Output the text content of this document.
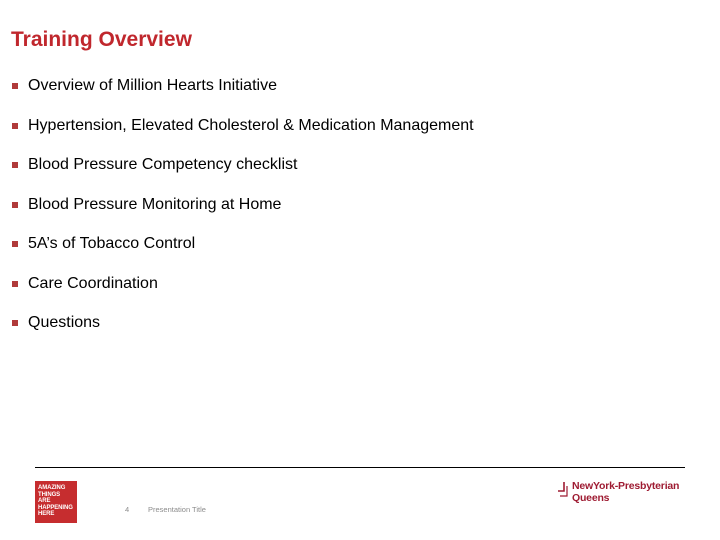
Training Overview
Overview of Million Hearts Initiative
Hypertension, Elevated Cholesterol & Medication Management
Blood Pressure Competency checklist
Blood Pressure Monitoring at Home
5A’s of Tobacco Control
Care Coordination
Questions
AMAZING
THINGS
ARE
HAPPENING
HERE
4	Presentation Title
NewYork-Presbyterian
Queens
